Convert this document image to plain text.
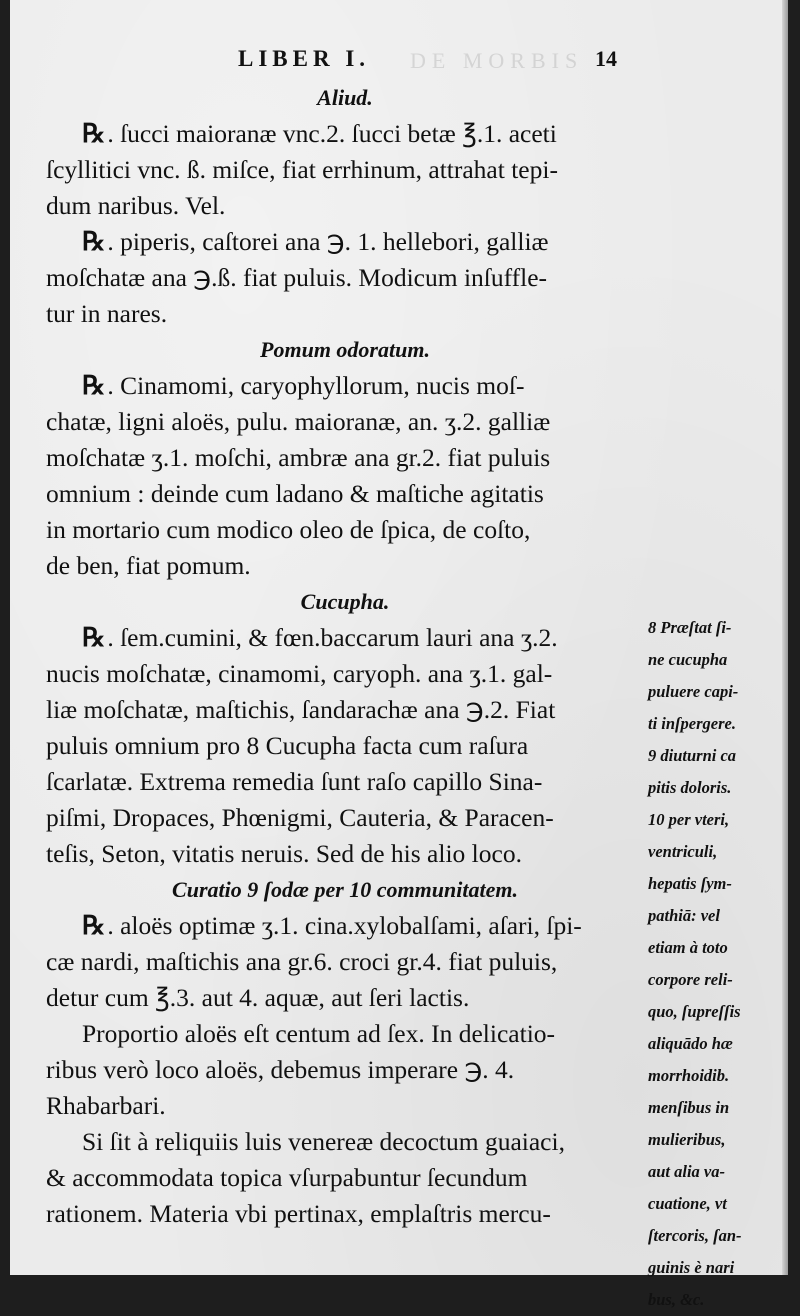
LIBER I. DE MORBIS 14
Aliud.
℞. ſucci maioranæ vnc.2. ſucci betæ ℥.1. aceti
ſcyllitici vnc. ß. miſce, fiat errhinum, attrahat tepi-
dum naribus. Vel.
℞. piperis, caſtorei ana ℈. 1. hellebori, galliæ
moſchatæ ana ℈.ß. fiat puluis. Modicum inſuffle-
tur in nares.
Pomum odoratum.
℞. Cinamomi, caryophyllorum, nucis moſ-
chatæ, ligni aloës, pulu. maioranæ, an. ʒ.2. galliæ
moſchatæ ʒ.1. moſchi, ambræ ana gr.2. fiat puluis
omnium : deinde cum ladano & maſtiche agitatis
in mortario cum modico oleo de ſpica, de coſto,
de ben, fiat pomum.
Cucupha.
℞. ſem.cumini, & fœn.baccarum lauri ana ʒ.2.
nucis moſchatæ, cinamomi, caryoph. ana ʒ.1. gal-
liæ moſchatæ, maſtichis, ſandarachæ ana ℈.2. Fiat
puluis omnium pro 8 Cucupha facta cum raſura
ſcarlatæ. Extrema remedia ſunt raſo capillo Sina-
piſmi, Dropaces, Phœnigmi, Cauteria, & Paracen-
teſis, Seton, vitatis neruis. Sed de his alio loco.
Curatio 9 ſodæ per 10 communitatem.
℞. aloës optimæ ʒ.1. cina.xylobalſami, aſari, ſpi-
cæ nardi, maſtichis ana gr.6. croci gr.4. fiat puluis,
detur cum ℥.3. aut 4. aquæ, aut ſeri lactis.
Proportio aloës eſt centum ad ſex. In delicatio-
ribus verò loco aloës, debemus imperare ℈. 4.
Rhabarbari.
Si ſit à reliquiis luis venereæ decoctum guaiaci,
& accommodata topica vſurpabuntur ſecundum
rationem. Materia vbi pertinax, emplaſtris mercu-
8 Præſtat ſi-
ne cucupha
puluere capi-
ti inſpergere.
9 diuturni ca
pitis doloris.
10 per vteri,
ventriculi,
hepatis ſym-
pathiā: vel
etiam à toto
corpore reli-
quo, ſupreſſis
aliquādo hæ
morrhoidib.
menſibus in
mulieribus,
aut alia va-
cuatione, vt
ſtercoris, ſan-
guinis è nari
bus, &c.
